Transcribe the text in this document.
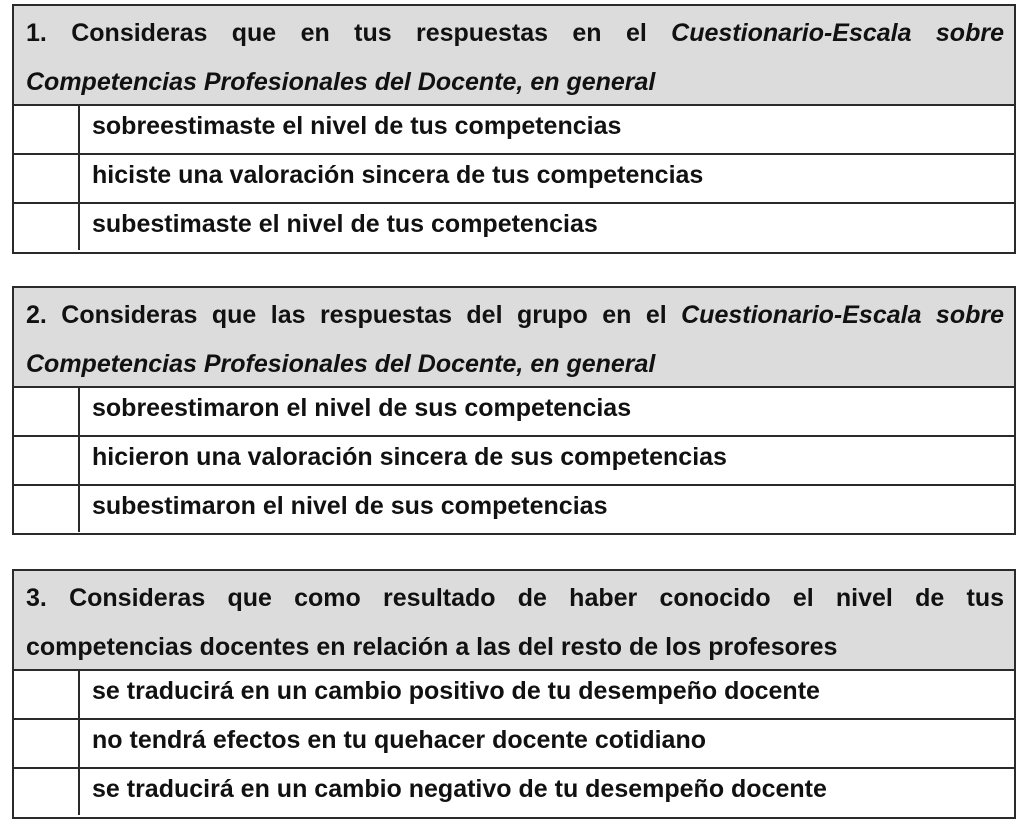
1. Consideras que en tus respuestas en el Cuestionario-Escala sobre Competencias Profesionales del Docente, en general
sobreestimaste el nivel de tus competencias
hiciste una valoración sincera de tus competencias
subestimaste el nivel de tus competencias
2. Consideras que las respuestas del grupo en el Cuestionario-Escala sobre Competencias Profesionales del Docente, en general
sobreestimaron el nivel de sus competencias
hicieron una valoración sincera de sus competencias
subestimaron el nivel de sus competencias
3. Consideras que como resultado de haber conocido el nivel de tus competencias docentes en relación a las del resto de los profesores
se traducirá en un cambio positivo de tu desempeño docente
no tendrá efectos en tu quehacer docente cotidiano
se traducirá en un cambio negativo de tu desempeño docente
